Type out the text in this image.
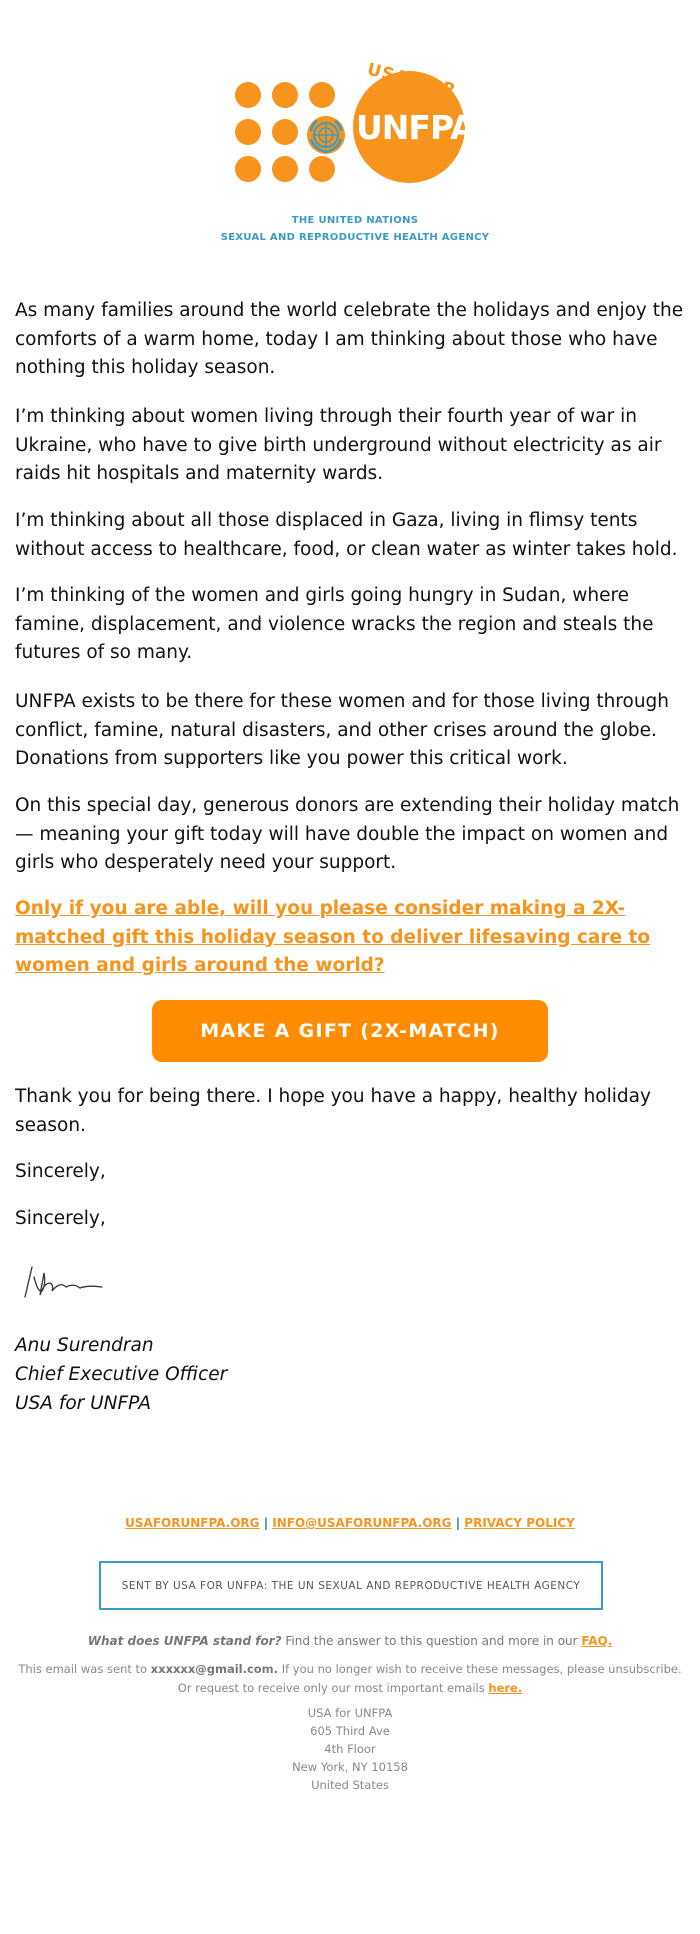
USA FOR
UNFPA
THE UNITED NATIONS
SEXUAL AND REPRODUCTIVE HEALTH AGENCY

As many families around the world celebrate the holidays and enjoy the comforts of a warm home, today I am thinking about those who have nothing this holiday season.

I’m thinking about women living through their fourth year of war in Ukraine, who have to give birth underground without electricity as air raids hit hospitals and maternity wards.

I’m thinking about all those displaced in Gaza, living in flimsy tents without access to healthcare, food, or clean water as winter takes hold.

I’m thinking of the women and girls going hungry in Sudan, where famine, displacement, and violence wracks the region and steals the futures of so many.

UNFPA exists to be there for these women and for those living through conflict, famine, natural disasters, and other crises around the globe. Donations from supporters like you power this critical work.

On this special day, generous donors are extending their holiday match — meaning your gift today will have double the impact on women and girls who desperately need your support.

Only if you are able, will you please consider making a 2X-matched gift this holiday season to deliver lifesaving care to women and girls around the world?

MAKE A GIFT (2X-MATCH)

Thank you for being there. I hope you have a happy, healthy holiday season.

Sincerely,

Sincerely,

Anu Surendran
Chief Executive Officer
USA for UNFPA
USAFORUNFPA.ORG | INFO@USAFORUNFPA.ORG | PRIVACY POLICY
SENT BY USA FOR UNFPA: THE UN SEXUAL AND REPRODUCTIVE HEALTH AGENCY
What does UNFPA stand for? Find the answer to this question and more in our FAQ.
This email was sent to xxxxxx@gmail.com. If you no longer wish to receive these messages, please unsubscribe. Or request to receive only our most important emails here.
USA for UNFPA
605 Third Ave
4th Floor
New York, NY 10158
United States
